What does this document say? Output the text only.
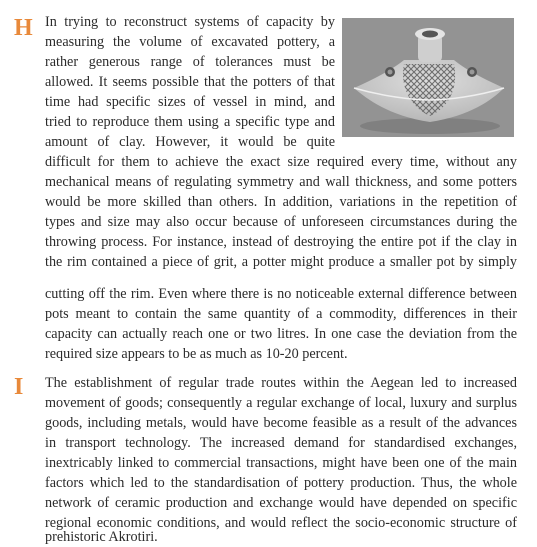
H In trying to reconstruct systems of capacity by
measuring the volume of excavated pottery, a
rather generous range of tolerances must be
allowed. It seems possible that the potters of that
time had specific sizes of vessel in mind, and
tried to reproduce them using a specific type and
amount of clay. However, it would be quite
difficult for them to achieve the exact size required every time, without any
mechanical means of regulating symmetry and wall thickness, and some potters
would be more skilled than others. In addition, variations in the repetition of
types and size may also occur because of unforeseen circumstances during the
throwing process. For instance, instead of destroying the entire pot if the clay in
the rim contained a piece of grit, a potter might produce a smaller pot by simply
cutting off the rim. Even where there is no noticeable external difference between
pots meant to contain the same quantity of a commodity, differences in their
capacity can actually reach one or two litres. In one case the deviation from the
required size appears to be as much as 10-20 percent.
I The establishment of regular trade routes within the Aegean led to increased
movement of goods; consequently a regular exchange of local, luxury and surplus
goods, including metals, would have become feasible as a result of the advances
in transport technology. The increased demand for standardised exchanges,
inextricably linked to commercial transactions, might have been one of the main
factors which led to the standardisation of pottery production. Thus, the whole
network of ceramic production and exchange would have depended on specific
regional economic conditions, and would reflect the socio-economic structure of
prehistoric Akrotiri.
